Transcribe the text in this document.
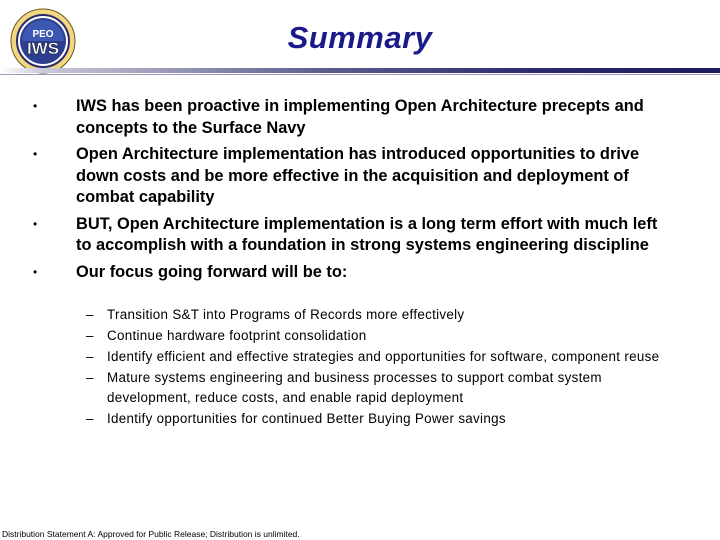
PEO
IWS	Summary
• IWS has been proactive in implementing Open Architecture precepts and concepts to the Surface Navy
• Open Architecture implementation has introduced opportunities to drive down costs and be more effective in the acquisition and deployment of combat capability
• BUT, Open Architecture implementation is a long term effort with much left to accomplish with a foundation in strong systems engineering discipline
• Our focus going forward will be to:
– Transition S&T into Programs of Records more effectively
– Continue hardware footprint consolidation
– Identify efficient and effective strategies and opportunities for software, component reuse
– Mature systems engineering and business processes to support combat system development, reduce costs, and enable rapid deployment
– Identify opportunities for continued Better Buying Power savings
Distribution Statement A: Approved for Public Release; Distribution is unlimited.
